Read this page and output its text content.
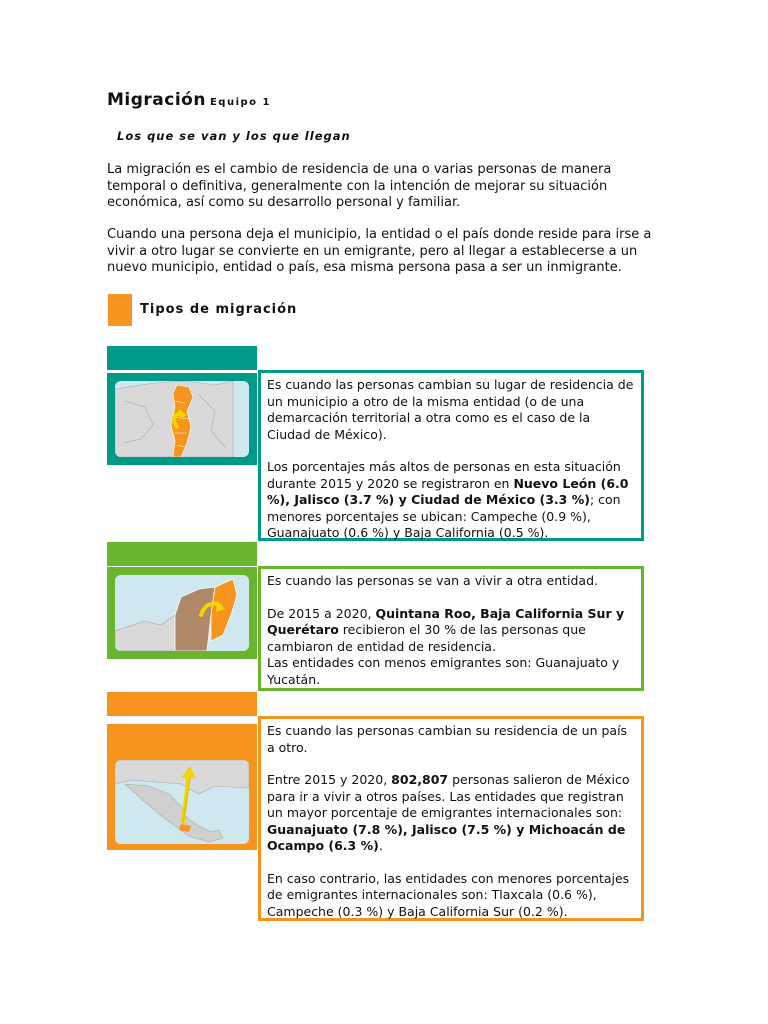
Migración Equipo 1
Los que se van y los que llegan

La migración es el cambio de residencia de una o varias personas de manera temporal o definitiva, generalmente con la intención de mejorar su situación económica, así como su desarrollo personal y familiar.

Cuando una persona deja el municipio, la entidad o el país donde reside para irse a vivir a otro lugar se convierte en un emigrante, pero al llegar a establecerse a un nuevo municipio, entidad o país, esa misma persona pasa a ser un inmigrante.

Tipos de migración

Es cuando las personas cambian su lugar de residencia de un municipio a otro de la misma entidad (o de una demarcación territorial a otra como es el caso de la Ciudad de México).

Los porcentajes más altos de personas en esta situación durante 2015 y 2020 se registraron en Nuevo León (6.0 %), Jalisco (3.7 %) y Ciudad de México (3.3 %); con menores porcentajes se ubican: Campeche (0.9 %), Guanajuato (0.6 %) y Baja California (0.5 %).

Es cuando las personas se van a vivir a otra entidad.

De 2015 a 2020, Quintana Roo, Baja California Sur y Querétaro recibieron el 30 % de las personas que cambiaron de entidad de residencia.

Las entidades con menos emigrantes son: Guanajuato y Yucatán.

Es cuando las personas cambian su residencia de un país a otro.

Entre 2015 y 2020, 802,807 personas salieron de México para ir a vivir a otros países. Las entidades que registran un mayor porcentaje de emigrantes internacionales son: Guanajuato (7.8 %), Jalisco (7.5 %) y Michoacán de Ocampo (6.3 %).

En caso contrario, las entidades con menores porcentajes de emigrantes internacionales son: Tlaxcala (0.6 %), Campeche (0.3 %) y Baja California Sur (0.2 %).
